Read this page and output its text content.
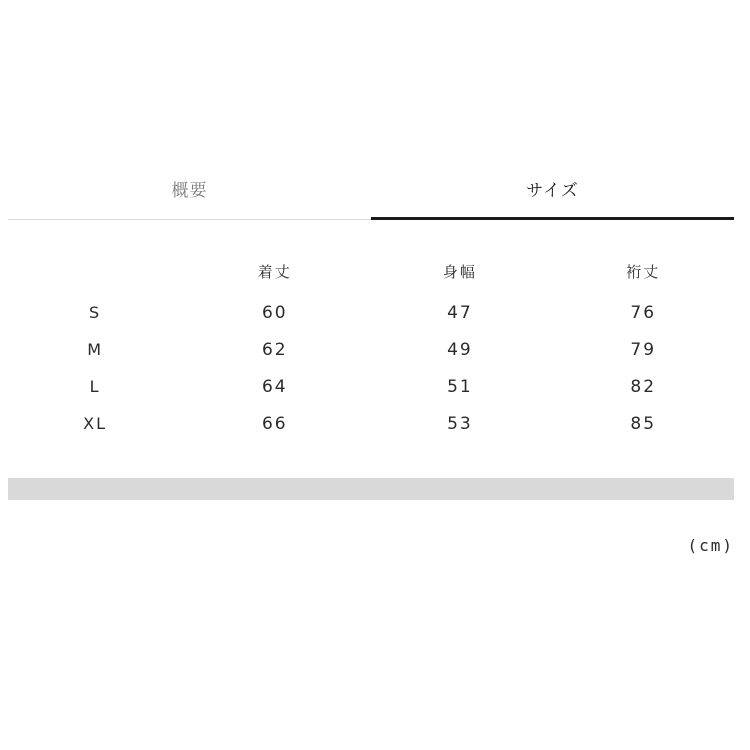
概要	サイズ
	着丈	身幅	裄丈
S	60	47	76
M	62	49	79
L	64	51	82
XL	66	53	85
(cm)
